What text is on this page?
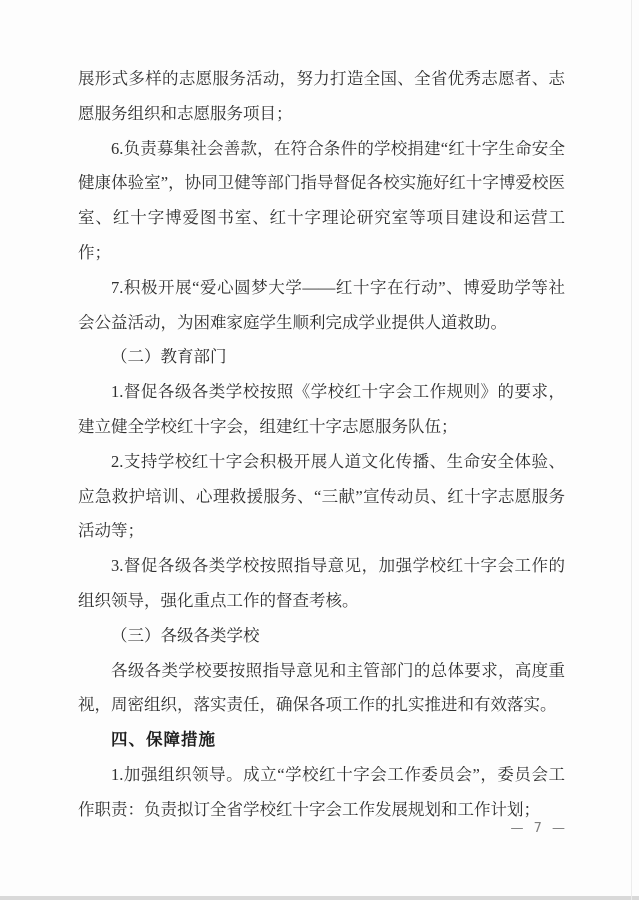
展形式多样的志愿服务活动，努力打造全国、全省优秀志愿者、志愿服务组织和志愿服务项目；

6.负责募集社会善款，在符合条件的学校捐建“红十字生命安全健康体验室”，协同卫健等部门指导督促各校实施好红十字博爱校医室、红十字博爱图书室、红十字理论研究室等项目建设和运营工作；

7.积极开展“爱心圆梦大学——红十字在行动”、博爱助学等社会公益活动，为困难家庭学生顺利完成学业提供人道救助。

（二）教育部门

1.督促各级各类学校按照《学校红十字会工作规则》的要求，建立健全学校红十字会，组建红十字志愿服务队伍；

2.支持学校红十字会积极开展人道文化传播、生命安全体验、应急救护培训、心理救援服务、“三献”宣传动员、红十字志愿服务活动等；

3.督促各级各类学校按照指导意见，加强学校红十字会工作的组织领导，强化重点工作的督查考核。

（三）各级各类学校

各级各类学校要按照指导意见和主管部门的总体要求，高度重视，周密组织，落实责任，确保各项工作的扎实推进和有效落实。

四、保障措施

1.加强组织领导。成立“学校红十字会工作委员会”，委员会工作职责：负责拟订全省学校红十字会工作发展规划和工作计划；

— 7 —
